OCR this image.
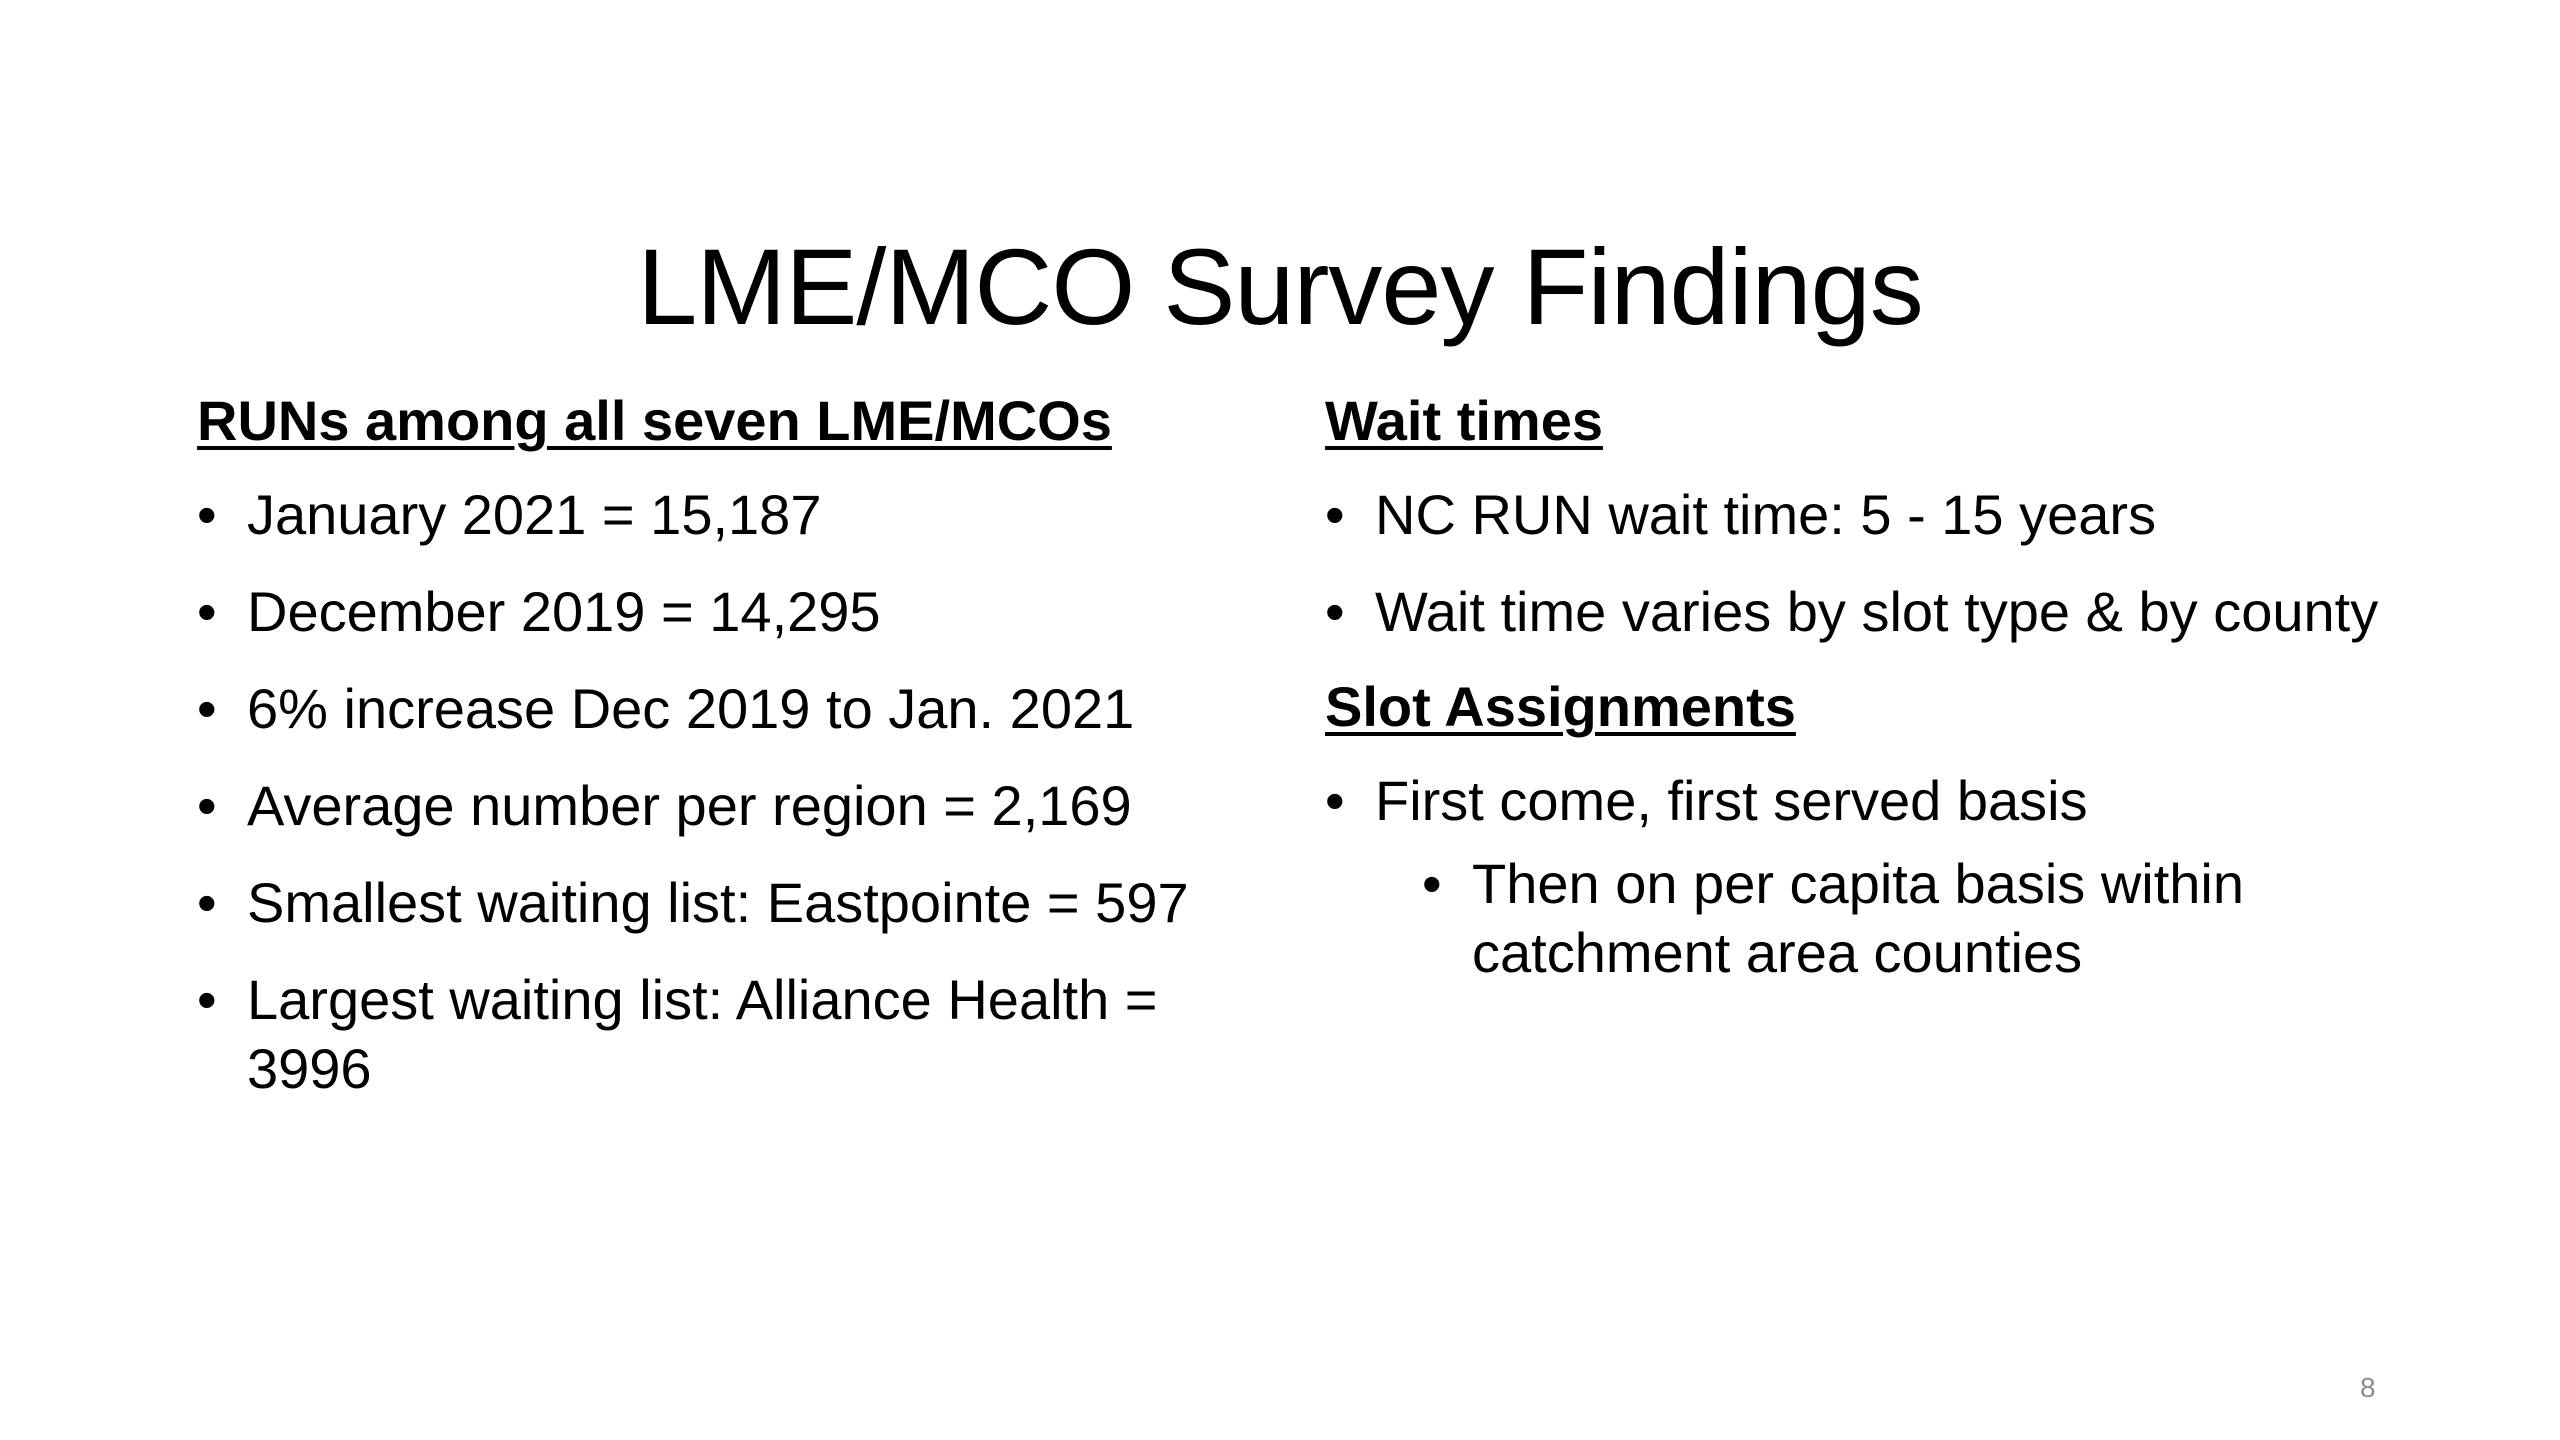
LME/MCO Survey Findings
RUNs among all seven LME/MCOs
• January 2021 = 15,187
• December 2019 = 14,295
• 6% increase Dec 2019 to Jan. 2021
• Average number per region = 2,169
• Smallest waiting list: Eastpointe = 597
• Largest waiting list: Alliance Health = 3996
Wait times
• NC RUN wait time: 5 - 15 years
• Wait time varies by slot type & by county
Slot Assignments
• First come, first served basis
• Then on per capita basis within catchment area counties
8
